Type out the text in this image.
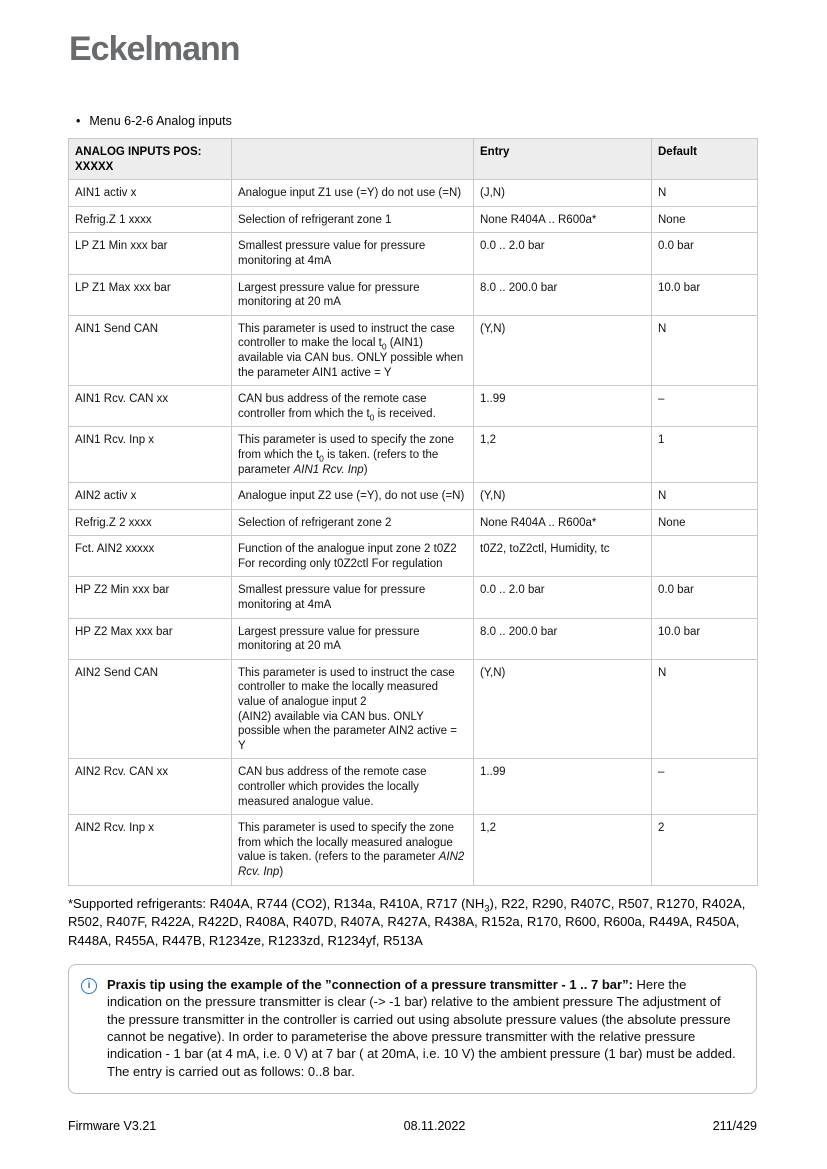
Eckelmann
• Menu 6-2-6 Analog inputs
ANALOG INPUTS POS:
XXXXX		Entry	Default
AIN1 activ x	Analogue input Z1 use (=Y) do not use (=N)	(J,N)	N
Refrig.Z 1 xxxx	Selection of refrigerant zone 1	None R404A .. R600a*	None
LP Z1 Min xxx bar	Smallest pressure value for pressure monitoring at 4mA	0.0 .. 2.0 bar	0.0 bar
LP Z1 Max xxx bar	Largest pressure value for pressure monitoring at 20 mA	8.0 .. 200.0 bar	10.0 bar
AIN1 Send CAN	This parameter is used to instruct the case controller to make the local $t_0$ (AIN1) available via CAN bus. ONLY possible when the parameter AIN1 active = Y	(Y,N)	N
AIN1 Rcv. CAN xx	CAN bus address of the remote case controller from which the $t_0$ is received.	1..99	–
AIN1 Rcv. Inp x	This parameter is used to specify the zone from which the $t_0$ is taken. (refers to the parameter AIN1 Rcv. Inp)	1,2	1
AIN2 activ x	Analogue input Z2 use (=Y), do not use (=N)	(Y,N)	N
Refrig.Z 2 xxxx	Selection of refrigerant zone 2	None R404A .. R600a*	None
Fct. AIN2 xxxxx	Function of the analogue input zone 2 t0Z2 For recording only t0Z2ctl For regulation	t0Z2, toZ2ctl, Humidity, tc	
HP Z2 Min xxx bar	Smallest pressure value for pressure monitoring at 4mA	0.0 .. 2.0 bar	0.0 bar
HP Z2 Max xxx bar	Largest pressure value for pressure monitoring at 20 mA	8.0 .. 200.0 bar	10.0 bar
AIN2 Send CAN	This parameter is used to instruct the case controller to make the locally measured value of analogue input 2
(AIN2) available via CAN bus. ONLY possible when the parameter AIN2 active = Y	(Y,N)	N
AIN2 Rcv. CAN xx	CAN bus address of the remote case controller which provides the locally measured analogue value.	1..99	–
AIN2 Rcv. Inp x	This parameter is used to specify the zone from which the locally measured analogue value is taken. (refers to the parameter AIN2 Rcv. Inp)	1,2	2
*Supported refrigerants: R404A, R744 (CO2), R134a, R410A, R717 $(NH_3)$, R22, R290, R407C, R507, R1270, R402A, R502, R407F, R422A, R422D, R408A, R407D, R407A, R427A, R438A, R152a, R170, R600, R600a, R449A, R450A, R448A, R455A, R447B, R1234ze, R1233zd, R1234yf, R513A
i	Praxis tip using the example of the ”connection of a pressure transmitter - 1 .. 7 bar”: Here the indication on the pressure transmitter is clear (-> -1 bar) relative to the ambient pressure The adjustment of the pressure transmitter in the controller is carried out using absolute pressure values (the absolute pressure cannot be negative). In order to parameterise the above pressure transmitter with the relative pressure indication - 1 bar (at 4 mA, i.e. 0 V) at 7 bar ( at 20mA, i.e. 10 V) the ambient pressure (1 bar) must be added. The entry is carried out as follows: 0..8 bar.

Firmware V3.21	08.11.2022	211/429
